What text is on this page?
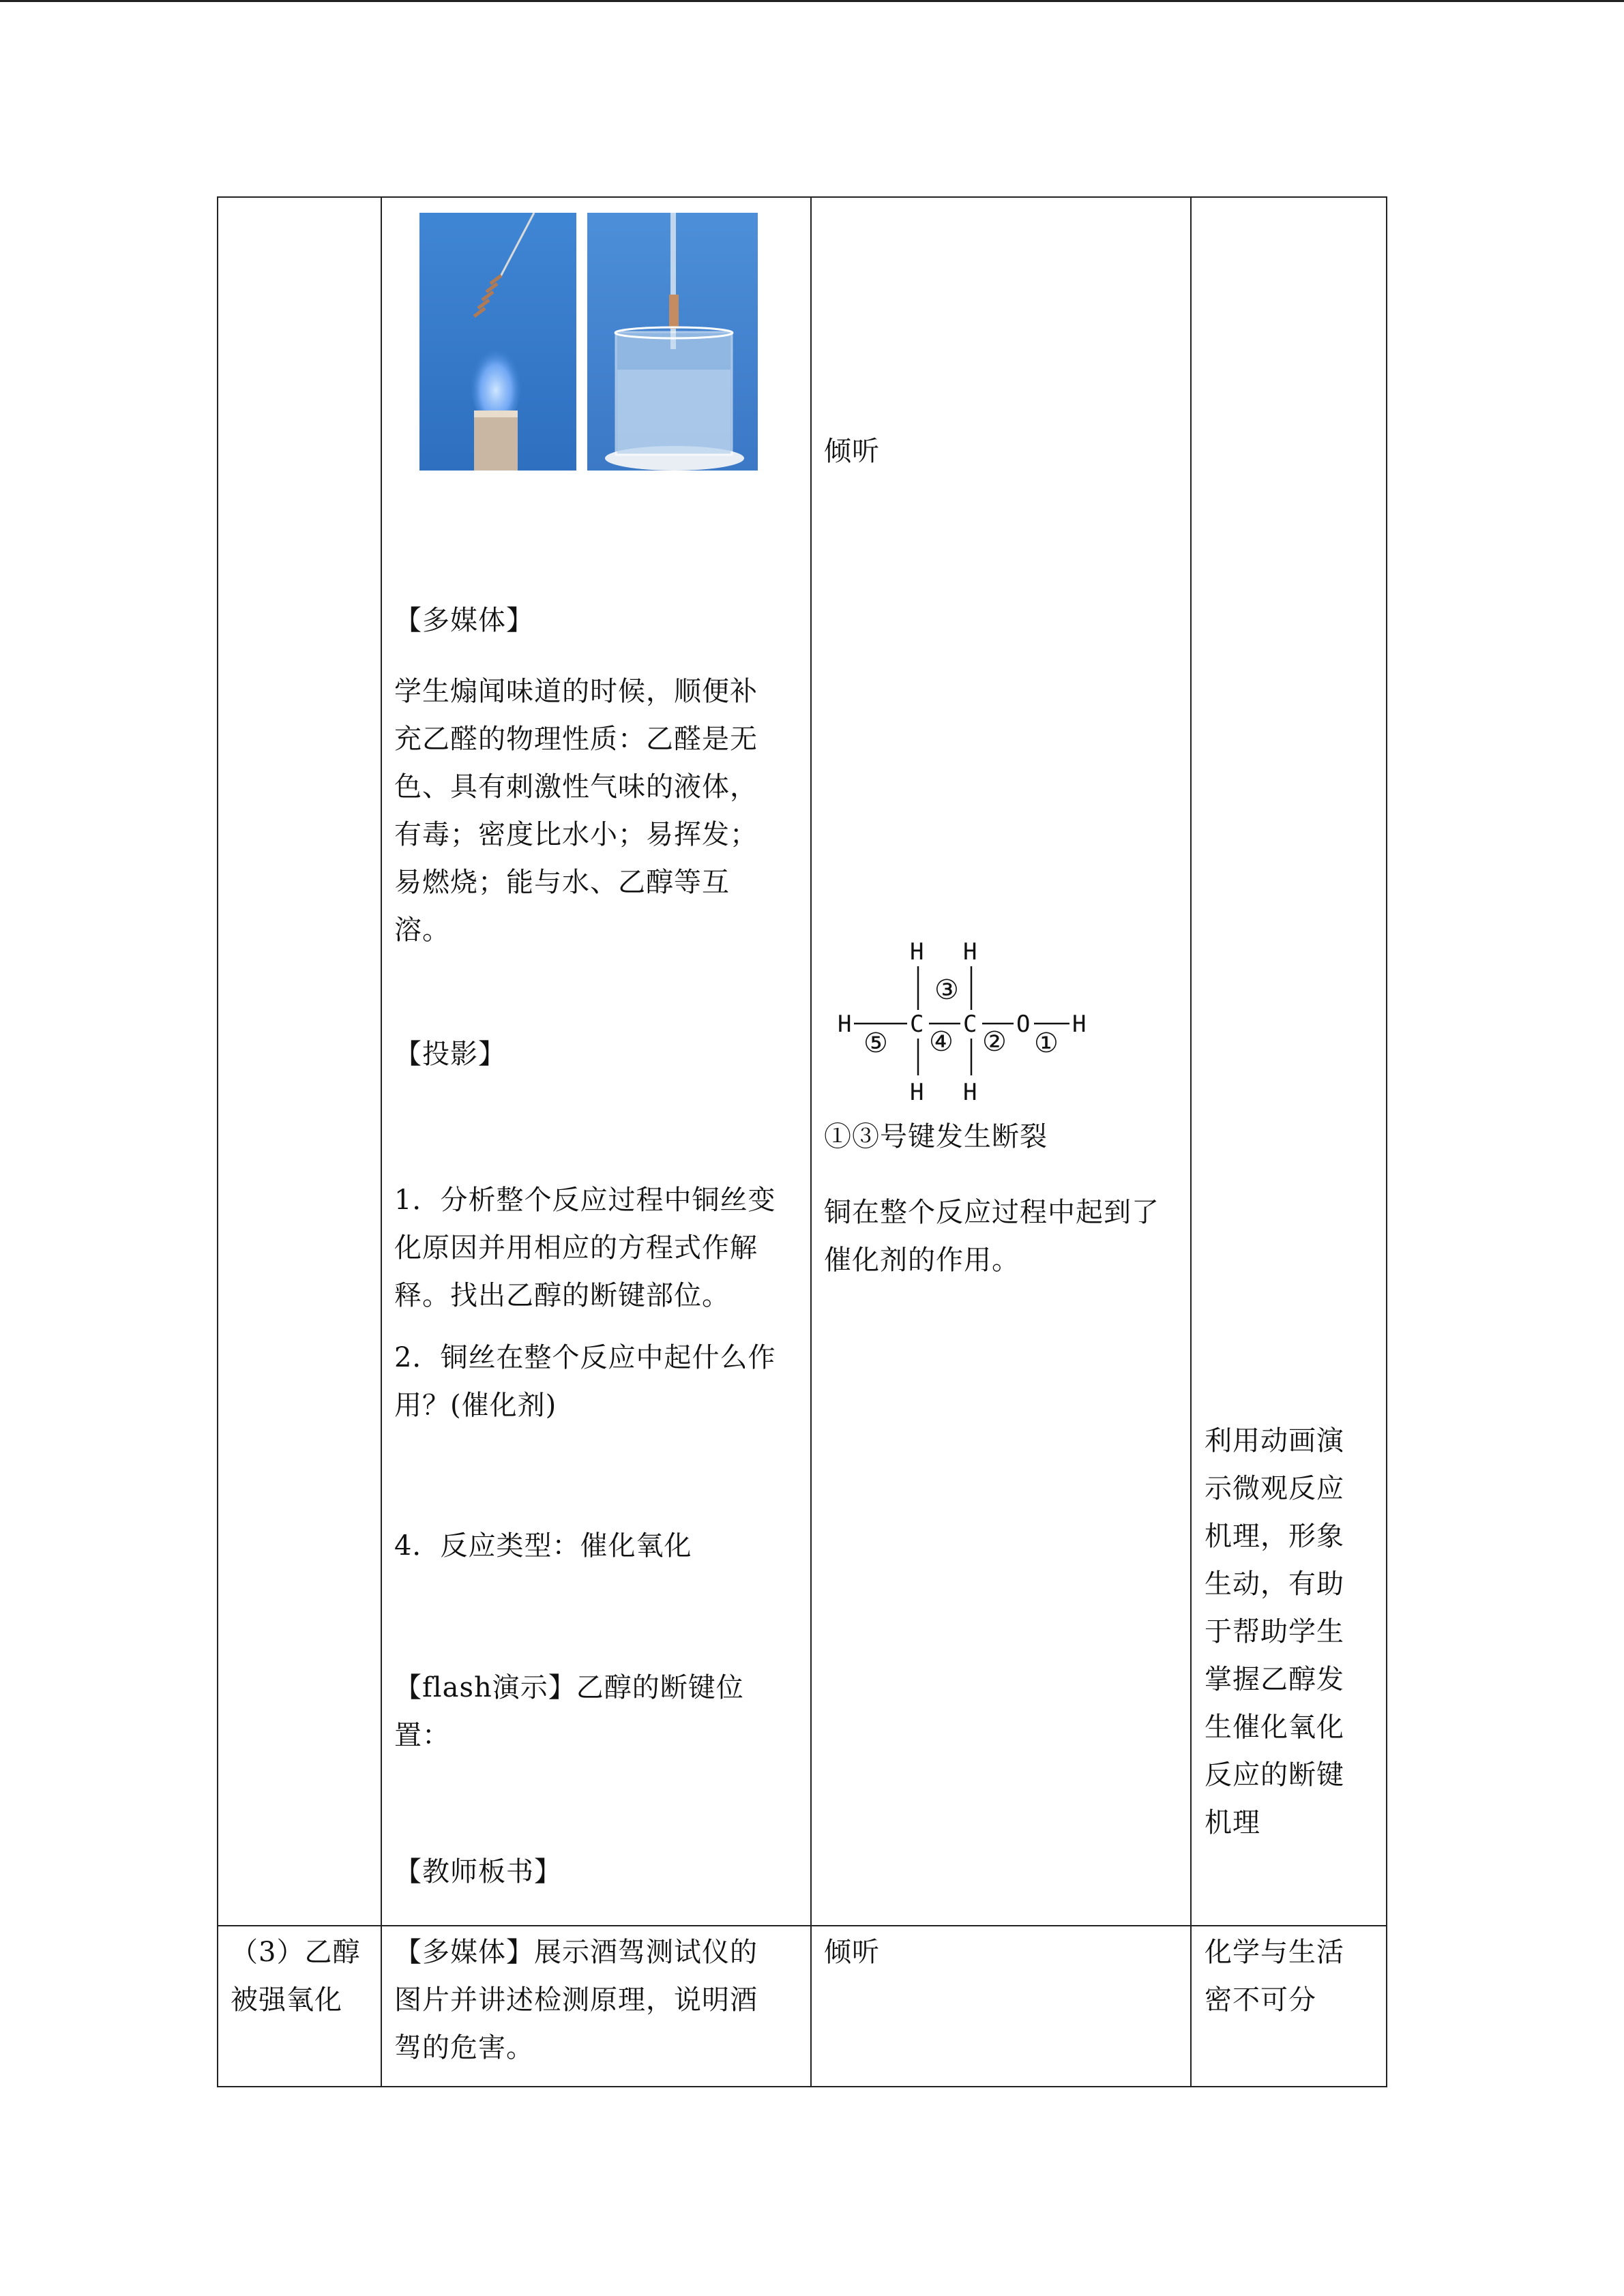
【多媒体】
学生煽闻味道的时候，顺便补充乙醛的物理性质：乙醛是无色、具有刺激性气味的液体，有毒；密度比水小；易挥发；易燃烧；能与水、乙醇等互溶。
【投影】
1．分析整个反应过程中铜丝变化原因并用相应的方程式作解释。找出乙醇的断键部位。
2．铜丝在整个反应中起什么作用？(催化剂)
4．反应类型：催化氧化
【flash演示】乙醇的断键位置：
【教师板书】
倾听
H H
H	C C O H
H H
⑤ ④
③
② ①
①③号键发生断裂
铜在整个反应过程中起到了催化剂的作用。
利用动画演示微观反应机理，形象生动，有助于帮助学生掌握乙醇发生催化氧化反应的断键机理
（3）乙醇被强氧化
【多媒体】展示酒驾测试仪的图片并讲述检测原理，说明酒驾的危害。
倾听	化学与生活密不可分
